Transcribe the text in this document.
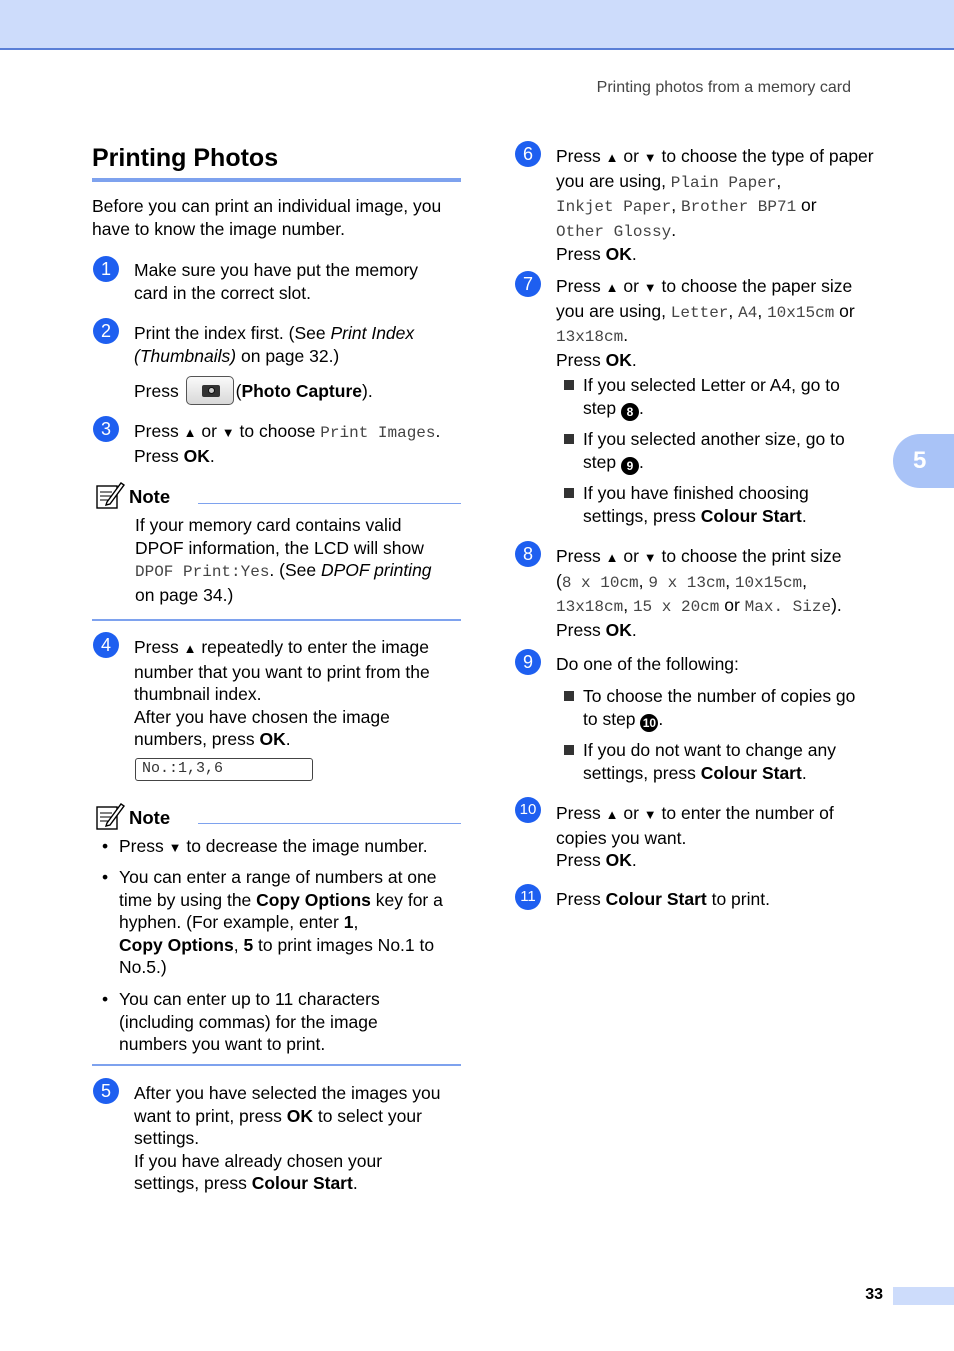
Printing photos from a memory card
Printing Photos
Before you can print an individual image, you have to know the image number.
1	Make sure you have put the memory
card in the correct slot.
2	Print the index first. (See Print Index
(Thumbnails) on page 32.)
Press	(Photo Capture).
3	Press ▲ or ▼ to choose Print Images.
Press OK.
Note
If your memory card contains valid
DPOF information, the LCD will show
DPOF Print:Yes. (See DPOF printing
on page 34.)
4	Press ▲ repeatedly to enter the image
number that you want to print from the
thumbnail index.
After you have chosen the image
numbers, press OK.
No.:1,3,6
Note
• Press ▼ to decrease the image number.
• You can enter a range of numbers at one
time by using the Copy Options key for a
hyphen. (For example, enter 1,
Copy Options, 5 to print images No.1 to
No.5.)
• You can enter up to 11 characters
(including commas) for the image
numbers you want to print.
5	After you have selected the images you
want to print, press OK to select your
settings.
If you have already chosen your
settings, press Colour Start.
6	Press ▲ or ▼ to choose the type of paper
you are using, Plain Paper,
Inkjet Paper, Brother BP71 or
Other Glossy.
Press OK.
7	Press ▲ or ▼ to choose the paper size
you are using, Letter, A4, 10x15cm or
13x18cm.
Press OK.
If you selected Letter or A4, go to
step 8 .
If you selected another size, go to
step 9 .
If you have finished choosing
settings, press Colour Start.
8	Press ▲ or ▼ to choose the print size
(8 x 10cm, 9 x 13cm, 10x15cm,
13x18cm, 15 x 20cm or Max. Size).
Press OK.
9	Do one of the following:
To choose the number of copies go
to step 10 .
If you do not want to change any
settings, press Colour Start.
10 Press ▲ or ▼ to enter the number of
copies you want.
Press OK.
11 Press Colour Start to print.
5
33
